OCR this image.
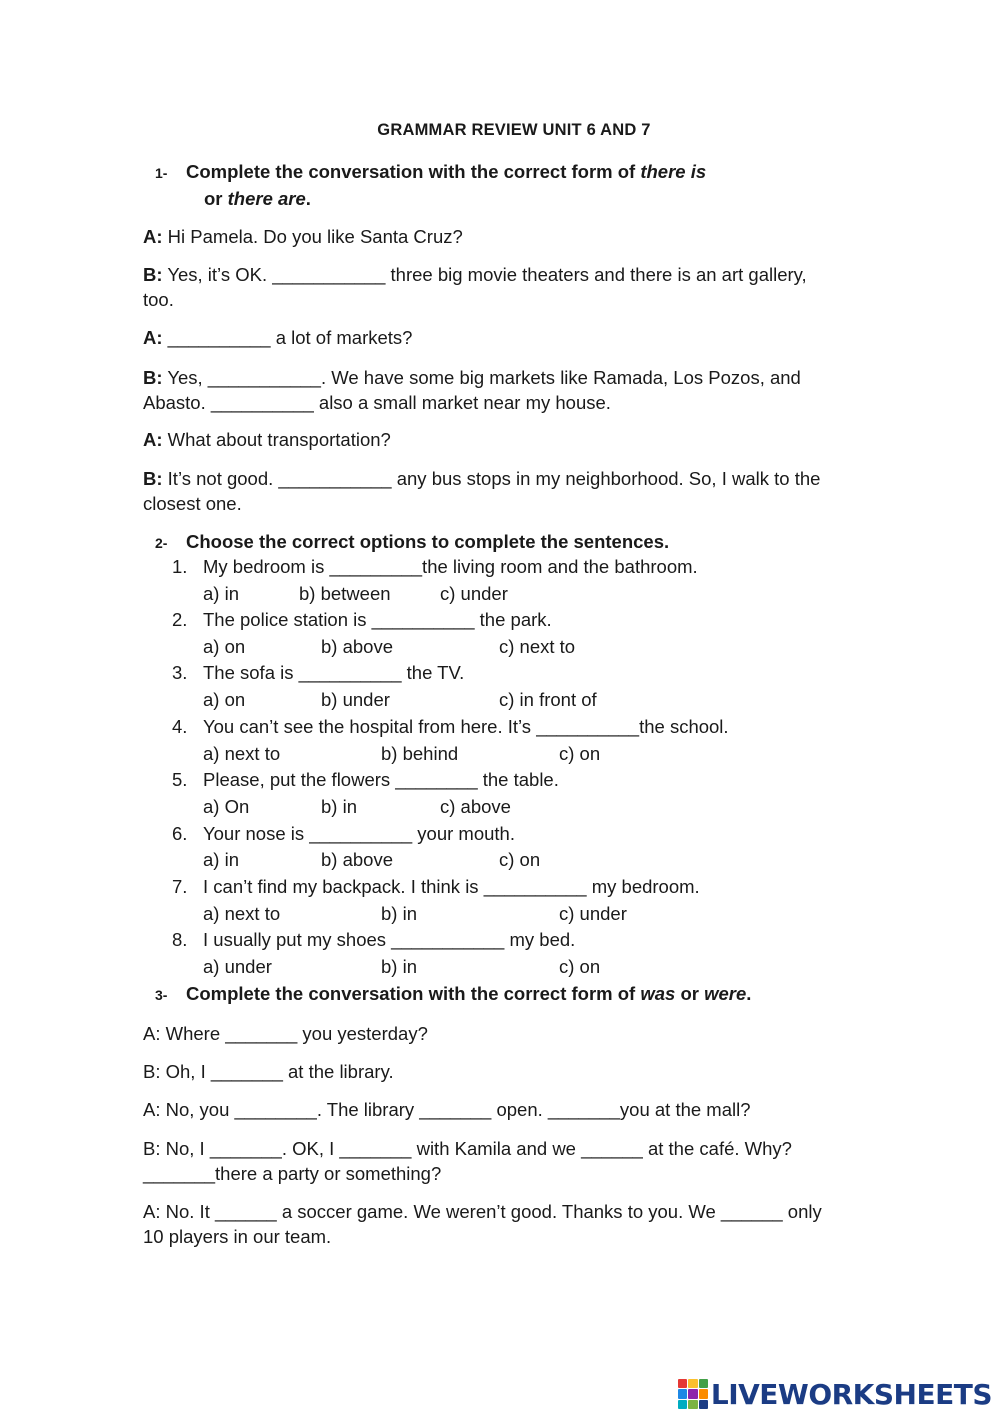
GRAMMAR REVIEW UNIT 6 AND 7
1- Complete the conversation with the correct form of there is
or there are.
A: Hi Pamela. Do you like Santa Cruz?
B: Yes, it’s OK. ___________ three big movie theaters and there is an art gallery, too.
A: __________ a lot of markets?
B: Yes, ___________. We have some big markets like Ramada, Los Pozos, and Abasto. __________ also a small market near my house.
A: What about transportation?
B: It’s not good. ___________ any bus stops in my neighborhood. So, I walk to the closest one.
2- Choose the correct options to complete the sentences.
1. My bedroom is _________the living room and the bathroom.
a) in	b) between	c) under
2. The police station is __________ the park.
a) on	b) above	c) next to
3. The sofa is __________ the TV.
a) on	b) under	c) in front of
4. You can’t see the hospital from here. It’s __________the school.
a) next to	b) behind	c) on
5. Please, put the flowers ________ the table.
a) On	b) in	c) above
6. Your nose is __________ your mouth.
a) in	b) above	c) on
7. I can’t find my backpack. I think is __________ my bedroom.
a) next to	b) in	c) under
8. I usually put my shoes ___________ my bed.
a) under	b) in	c) on
3- Complete the conversation with the correct form of was or were.
A: Where _______ you yesterday?
B: Oh, I _______ at the library.
A: No, you ________. The library _______ open. _______you at the mall?
B: No, I _______. OK, I _______ with Kamila and we ______ at the café. Why? _______there a party or something?
A: No. It ______ a soccer game. We weren’t good. Thanks to you. We ______ only 10 players in our team.
LIVEWORKSHEETS
